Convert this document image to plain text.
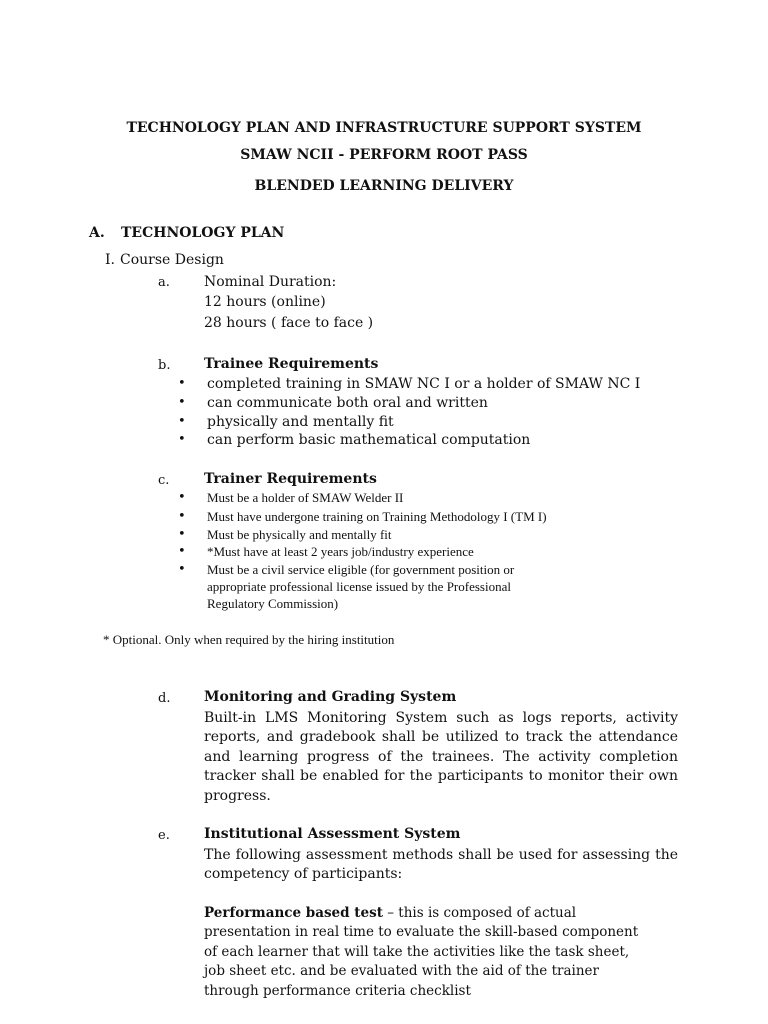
TECHNOLOGY PLAN AND INFRASTRUCTURE SUPPORT SYSTEM
SMAW NCII - PERFORM ROOT PASS
BLENDED LEARNING DELIVERY
A. TECHNOLOGY PLAN
I. Course Design
a. Nominal Duration:
12 hours (online)
28 hours ( face to face )
b. Trainee Requirements
• completed training in SMAW NC I or a holder of SMAW NC I
• can communicate both oral and written
• physically and mentally fit
• can perform basic mathematical computation
c. Trainer Requirements
• Must be a holder of SMAW Welder II
• Must have undergone training on Training Methodology I (TM I)
• Must be physically and mentally fit
• *Must have at least 2 years job/industry experience
• Must be a civil service eligible (for government position or
appropriate professional license issued by the Professional
Regulatory Commission)
* Optional. Only when required by the hiring institution
d. Monitoring and Grading System
Built-in LMS Monitoring System such as logs reports, activity reports, and gradebook shall be utilized to track the attendance and learning progress of the trainees. The activity completion tracker shall be enabled for the participants to monitor their own progress.
e. Institutional Assessment System
The following assessment methods shall be used for assessing the competency of participants:
Performance based test – this is composed of actual
presentation in real time to evaluate the skill-based component
of each learner that will take the activities like the task sheet,
job sheet etc. and be evaluated with the aid of the trainer
through performance criteria checklist
